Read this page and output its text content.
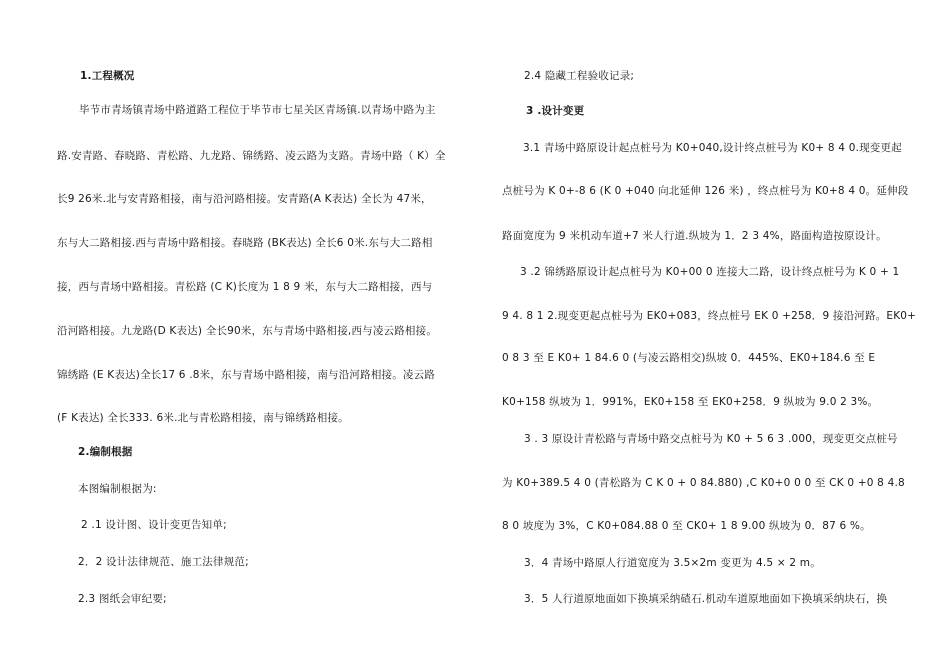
1.工程概况
毕节市青场镇青场中路道路工程位于毕节市七星关区青场镇.以青场中路为主
路.安青路、春晓路、青松路、九龙路、锦绣路、凌云路为支路。青场中路（ K）全
长9 26米.北与安青路相接，南与沿河路相接。安青路(A K表达) 全长为 47米，
东与大二路相接.西与青场中路相接。春晓路 (BK表达) 全长6 0米.东与大二路相
接，西与青场中路相接。青松路 (C K)长度为 1 8 9 米，东与大二路相接，西与
沿河路相接。九龙路(D K表达) 全长90米，东与青场中路相接,西与凌云路相接。
锦绣路 (E K表达)全长17 6 .8米，东与青场中路相接，南与沿河路相接。凌云路
(F K表达) 全长333. 6米.北与青松路相接，南与锦绣路相接。
2.编制根据
本图编制根据为:
2 .1 设计图、设计变更告知单;
2．2 设计法律规范、施工法律规范;
2.3 图纸会审纪要;
2.4 隐藏工程验收记录;
3 .设计变更
3.1 青场中路原设计起点桩号为 K0+040,设计终点桩号为 K0+ 8 4 0.现变更起
点桩号为 K 0+-8 6 (K 0 +040 向北延伸 126 米) ，终点桩号为 K0+8 4 0。延伸段
路面宽度为 9 米机动车道+7 米人行道.纵坡为 1．2 3 4%，路面构造按原设计。
3 .2 锦绣路原设计起点桩号为 K0+00 0 连接大二路，设计终点桩号为 K 0 + 1
9 4. 8 1 2.现变更起点桩号为 EK0+083，终点桩号 EK 0 +258．9 接沿河路。EK0+
0 8 3 至 E K0+ 1 84.6 0 (与凌云路相交)纵坡 0．445%、EK0+184.6 至 E
K0+158 纵坡为 1．991%，EK0+158 至 EK0+258．9 纵坡为 9.0 2 3%。
3 . 3 原设计青松路与青场中路交点桩号为 K0 + 5 6 3 .000，现变更交点桩号
为 K0+389.5 4 0 (青松路为 C K 0 + 0 84.880) ,C K0+0 0 0 至 CK 0 +0 8 4.8
8 0 坡度为 3%，C K0+084.88 0 至 CK0+ 1 8 9.00 纵坡为 0．87 6 %。
3．4 青场中路原人行道宽度为 3.5×2m 变更为 4.5 × 2 m。
3．5 人行道原地面如下换填采纳碴石.机动车道原地面如下换填采纳块石，换
